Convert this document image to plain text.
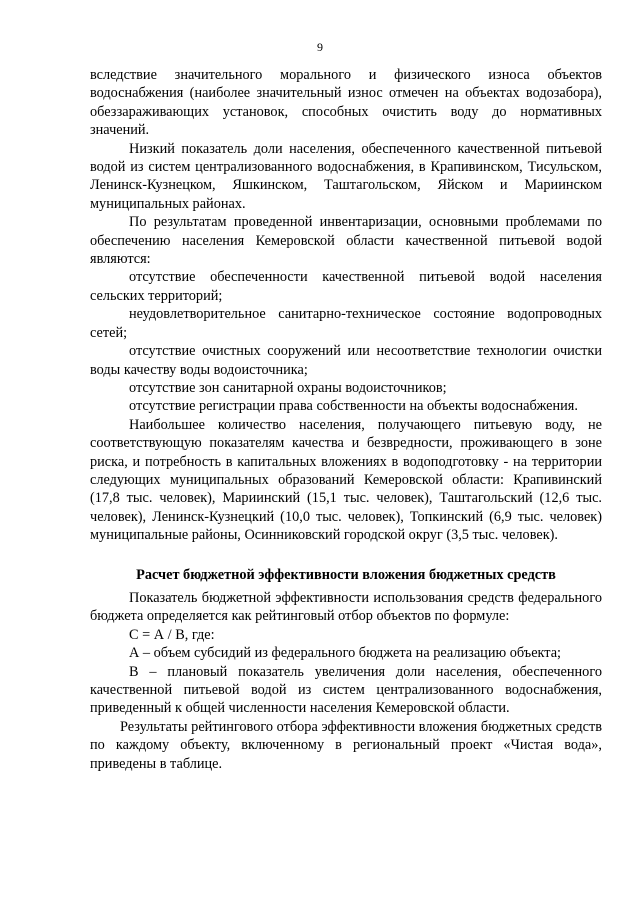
9

вследствие значительного морального и физического износа объектов водоснабжения (наиболее значительный износ отмечен на объектах водозабора), обеззараживающих установок, способных очистить воду до нормативных значений.

Низкий показатель доли населения, обеспеченного качественной питьевой водой из систем централизованного водоснабжения, в Крапивинском, Тисульском, Ленинск-Кузнецком, Яшкинском, Таштагольском, Яйском и Мариинском муниципальных районах.

По результатам проведенной инвентаризации, основными проблемами по обеспечению населения Кемеровской области качественной питьевой водой являются:

отсутствие обеспеченности качественной питьевой водой населения сельских территорий;

неудовлетворительное санитарно-техническое состояние водопроводных сетей;

отсутствие очистных сооружений или несоответствие технологии очистки воды качеству воды водоисточника;

отсутствие зон санитарной охраны водоисточников;

отсутствие регистрации права собственности на объекты водоснабжения.

Наибольшее количество населения, получающего питьевую воду, не соответствующую показателям качества и безвредности, проживающего в зоне риска, и потребность в капитальных вложениях в водоподготовку - на территории следующих муниципальных образований Кемеровской области: Крапивинский (17,8 тыс. человек), Мариинский (15,1 тыс. человек), Таштагольский (12,6 тыс. человек), Ленинск-Кузнецкий (10,0 тыс. человек), Топкинский (6,9 тыс. человек) муниципальные районы, Осинниковский городской округ (3,5 тыс. человек).

Расчет бюджетной эффективности вложения бюджетных средств

Показатель бюджетной эффективности использования средств федерального бюджета определяется как рейтинговый отбор объектов по формуле:

С = А / В, где:

А – объем субсидий из федерального бюджета на реализацию объекта;

В – плановый показатель увеличения доли населения, обеспеченного качественной питьевой водой из систем централизованного водоснабжения, приведенный к общей численности населения Кемеровской области.

Результаты рейтингового отбора эффективности вложения бюджетных средств по каждому объекту, включенному в региональный проект «Чистая вода», приведены в таблице.
